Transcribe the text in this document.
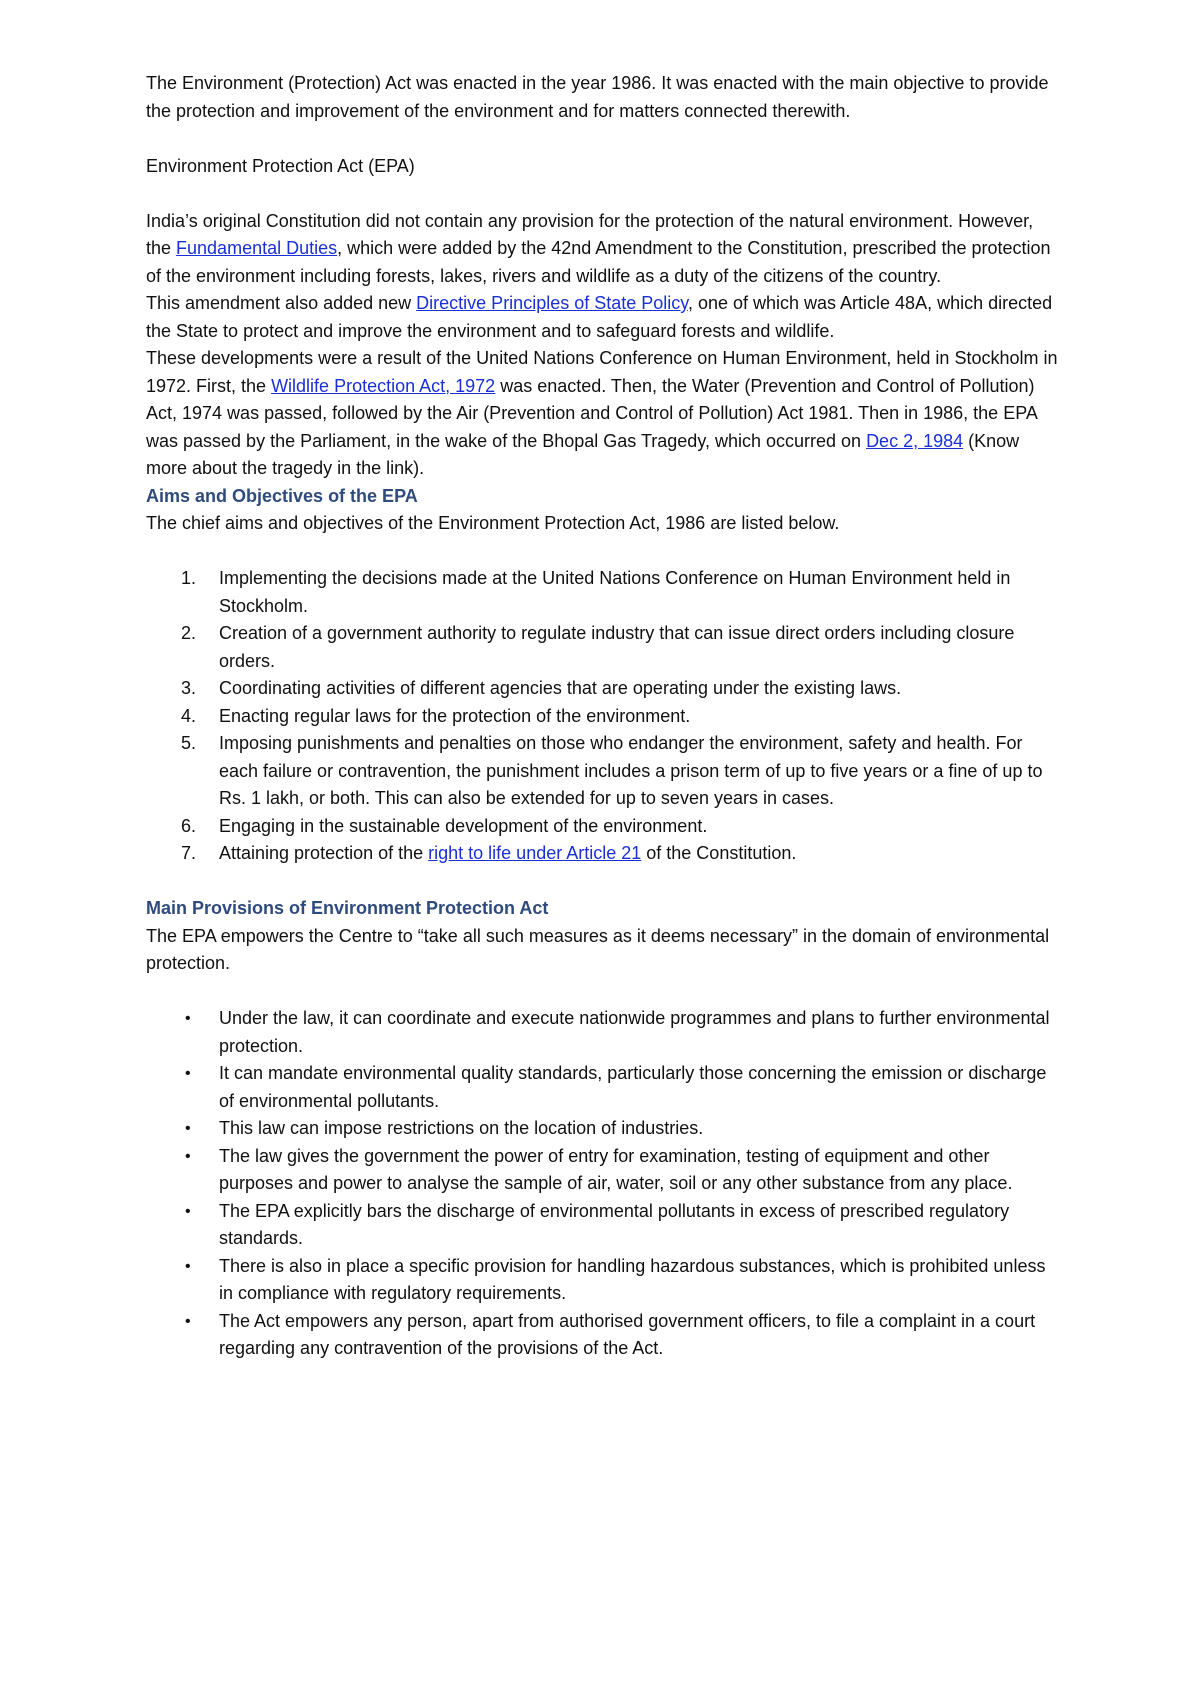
The Environment (Protection) Act was enacted in the year 1986. It was enacted with the main objective to provide the protection and improvement of the environment and for matters connected therewith.

Environment Protection Act (EPA)

India’s original Constitution did not contain any provision for the protection of the natural environment. However, the Fundamental Duties, which were added by the 42nd Amendment to the Constitution, prescribed the protection of the environment including forests, lakes, rivers and wildlife as a duty of the citizens of the country.

This amendment also added new Directive Principles of State Policy, one of which was Article 48A, which directed the State to protect and improve the environment and to safeguard forests and wildlife.

These developments were a result of the United Nations Conference on Human Environment, held in Stockholm in 1972. First, the Wildlife Protection Act, 1972 was enacted. Then, the Water (Prevention and Control of Pollution) Act, 1974 was passed, followed by the Air (Prevention and Control of Pollution) Act 1981. Then in 1986, the EPA was passed by the Parliament, in the wake of the Bhopal Gas Tragedy, which occurred on Dec 2, 1984 (Know more about the tragedy in the link).

Aims and Objectives of the EPA

The chief aims and objectives of the Environment Protection Act, 1986 are listed below.

1. Implementing the decisions made at the United Nations Conference on Human Environment held in Stockholm.
2. Creation of a government authority to regulate industry that can issue direct orders including closure orders.
3. Coordinating activities of different agencies that are operating under the existing laws.
4. Enacting regular laws for the protection of the environment.
5. Imposing punishments and penalties on those who endanger the environment, safety and health. For each failure or contravention, the punishment includes a prison term of up to five years or a fine of up to Rs. 1 lakh, or both. This can also be extended for up to seven years in cases.
6. Engaging in the sustainable development of the environment.
7. Attaining protection of the right to life under Article 21 of the Constitution.

Main Provisions of Environment Protection Act

The EPA empowers the Centre to “take all such measures as it deems necessary” in the domain of environmental protection.

• Under the law, it can coordinate and execute nationwide programmes and plans to further environmental protection.
• It can mandate environmental quality standards, particularly those concerning the emission or discharge of environmental pollutants.
• This law can impose restrictions on the location of industries.
• The law gives the government the power of entry for examination, testing of equipment and other purposes and power to analyse the sample of air, water, soil or any other substance from any place.
• The EPA explicitly bars the discharge of environmental pollutants in excess of prescribed regulatory standards.
• There is also in place a specific provision for handling hazardous substances, which is prohibited unless in compliance with regulatory requirements.
• The Act empowers any person, apart from authorised government officers, to file a complaint in a court regarding any contravention of the provisions of the Act.
